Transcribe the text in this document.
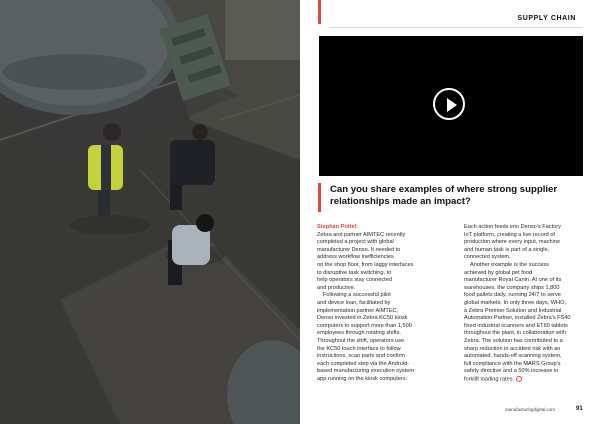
SUPPLY CHAIN
Can you share examples of where strong supplier relationships made an impact?

Stephan Pottel:

Zebra and partner AIMTEC recently
completed a project with global
manufacturer Denso. It needed to
address workflow inefficiencies
on the shop floor, from laggy interfaces
to disruptive task switching, to
help operators stay connected
and productive.

Following a successful pilot
and device loan, facilitated by
implementation partner AIMTEC,
Denso invested in Zebra KC50 kiosk
computers to support more than 1,500
employees through rotating shifts.
Throughout the shift, operators use
the KC50 touch interface to follow
instructions, scan parts and confirm
each completed step via the Android-
based manufacturing execution system
app running on the kiosk computers.

Each action feeds into Denso’s Factory
IoT platform, creating a live record of
production where every input, machine
and human task is part of a single,
connected system.

Another example is the success
achieved by global pet food
manufacturer Royal Canin. At one of its
warehouses, the company ships 1,800
food pallets daily, running 24/7 to serve
global markets. In only three days, WHO,
a Zebra Premier Solution and Industrial
Automation Partner, installed Zebra’s FS40
fixed industrial scanners and ET60 tablets
throughout the plant, in collaboration with
Zebra. The solution has contributed to a
sharp reduction in accident risk with an
automated, hands-off scanning system,
full compliance with the MARS Group’s
safety directive and a 50% increase in
forklift loading rates.

manufacturingdigital.com	91
